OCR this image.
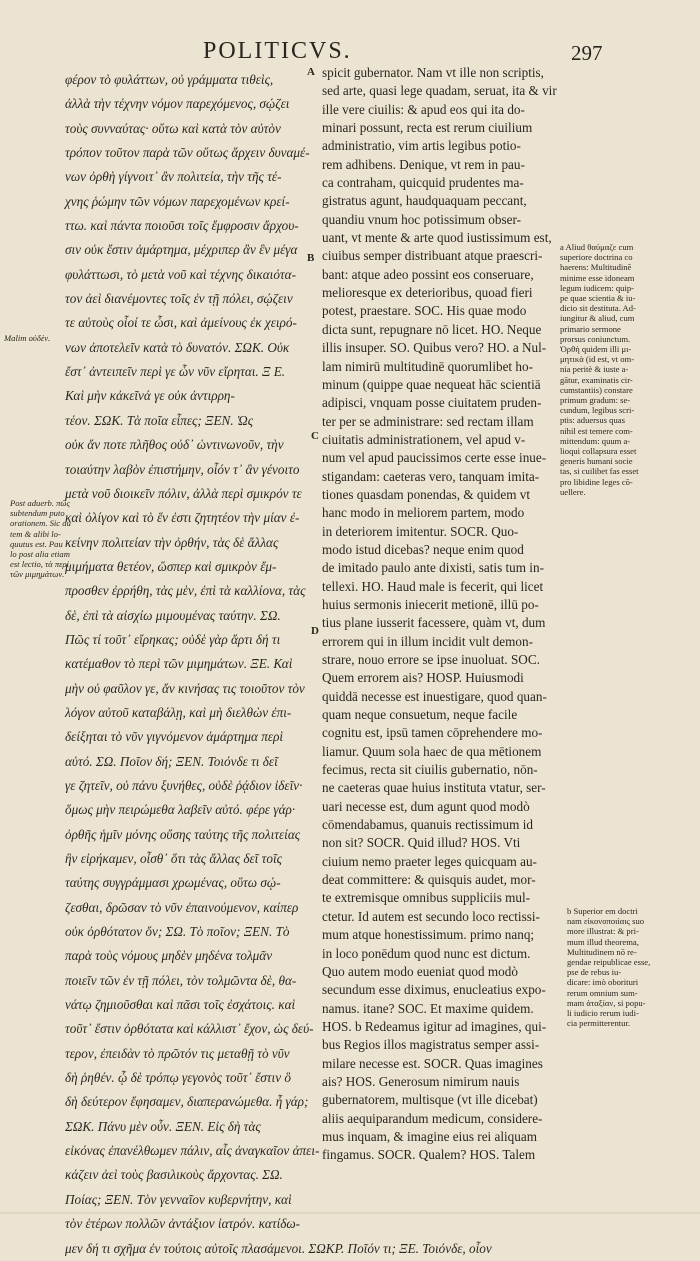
POLITICVS.	297
A
B
C
D
φέρον τὸ φυλάττων, οὐ γράμματα τιθεὶς,
ἀλλὰ τὴν τέχνην νόμον παρεχόμενος, σῴζει
τοὺς συνναύτας· οὕτω καὶ κατὰ τὸν αὐτὸν
τρόπον τοῦτον παρὰ τῶν οὕτως ἄρχειν δυναμέ-
νων ὀρθὴ γίγνοιτ᾽ ἂν πολιτεία, τὴν τῆς τέ-
χνης ῥώμην τῶν νόμων παρεχομένων κρεί-
ττω. καὶ πάντα ποιοῦσι τοῖς ἔμφροσιν ἄρχου-
σιν οὐκ ἔστιν ἁμάρτημα, μέχριπερ ἂν ἓν μέγα
φυλάττωσι, τὸ μετὰ νοῦ καὶ τέχνης δικαιότα-
τον ἀεὶ διανέμοντες τοῖς ἐν τῇ πόλει, σῴζειν
τε αὐτοὺς οἷοί τε ὦσι, καὶ ἀμείνους ἐκ χειρό-
νων ἀποτελεῖν κατὰ τὸ δυνατόν. ΣΩΚ. Οὐκ
ἔστ᾽ ἀντειπεῖν περὶ γε ὧν νῦν εἴρηται. Ξ Ε.
Καὶ μὴν κἀκεῖνά γε οὐκ ἀντιρρη-
τέον. ΣΩΚ. Τὰ ποῖα εἶπες; ΞΕΝ. Ὡς
οὐκ ἄν ποτε πλῆθος οὐδ᾽ ὡντινωνοῦν, τὴν
τοιαύτην λαβὸν ἐπιστήμην, οἷόν τ᾽ ἂν γένοιτο
μετὰ νοῦ διοικεῖν πόλιν, ἀλλὰ περὶ σμικρόν τε
καὶ ὀλίγον καὶ τὸ ἕν ἐστι ζητητέον τὴν μίαν ἐ-
κείνην πολιτείαν τὴν ὀρθήν, τὰς δὲ ἄλλας
μιμήματα θετέον, ὥσπερ καὶ σμικρὸν ἔμ-
προσθεν ἐρρήθη, τὰς μὲν, ἐπὶ τὰ καλλίονα, τὰς
δὲ, ἐπὶ τὰ αἰσχίω μιμουμένας ταύτην. ΣΩ.
Πῶς τί τοῦτ᾽ εἴρηκας; οὐδὲ γὰρ ἄρτι δή τι
κατέμαθον τὸ περὶ τῶν μιμημάτων. ΞΕ. Καὶ
μὴν οὐ φαῦλον γε, ἄν κινήσας τις τοιοῦτον τὸν
λόγον αὐτοῦ καταβάλῃ, καὶ μὴ διελθὼν ἐπι-
δείξηται τὸ νῦν γιγνόμενον ἁμάρτημα περὶ
αὐτό. ΣΩ. Ποῖον δή; ΞΕΝ. Τοιόνδε τι δεῖ
γε ζητεῖν, οὐ πάνυ ξυνήθες, οὐδὲ ῥᾴδιον ἰδεῖν·
ὅμως μὴν πειρώμεθα λαβεῖν αὐτό. φέρε γάρ·
ὀρθῆς ἡμῖν μόνης οὔσης ταύτης τῆς πολιτείας
ἣν εἰρήκαμεν, οἶσθ᾽ ὅτι τὰς ἄλλας δεῖ τοῖς
ταύτης συγγράμμασι χρωμένας, οὕτω σῴ-
ζεσθαι, δρῶσαν τὸ νῦν ἐπαινούμενον, καίπερ
οὐκ ὀρθότατον ὄν; ΣΩ. Τὸ ποῖον; ΞΕΝ. Τὸ
παρὰ τοὺς νόμους μηδὲν μηδένα τολμᾶν
ποιεῖν τῶν ἐν τῇ πόλει, τὸν τολμῶντα δὲ, θα-
νάτῳ ζημιοῦσθαι καὶ πᾶσι τοῖς ἐσχάτοις. καὶ
τοῦτ᾽ ἔστιν ὀρθότατα καὶ κάλλιστ᾽ ἔχον, ὡς δεύ-
τερον, ἐπειδὰν τὸ πρῶτόν τις μεταθῇ τὸ νῦν
δὴ ῥηθέν. ᾧ δὲ τρόπῳ γεγονὸς τοῦτ᾽ ἔστιν ὃ
δὴ δεύτερον ἔφησαμεν, διαπερανώμεθα. ἦ γάρ;
ΣΩΚ. Πάνυ μὲν οὖν. ΞΕΝ. Εἰς δὴ τὰς
εἰκόνας ἐπανέλθωμεν πάλιν, αἷς ἀναγκαῖον ἀπει-
κάζειν ἀεὶ τοὺς βασιλικοὺς ἄρχοντας. ΣΩ.
Ποίας; ΞΕΝ. Τὸν γενναῖον κυβερνήτην, καὶ
τὸν ἑτέρων πολλῶν ἀντάξιον ἰατρόν. κατίδω-
μεν δή τι σχῆμα ἐν τούτοις αὐτοῖς πλασάμενοι. ΣΩΚΡ. Ποῖόν τι; ΞΕ. Τοιόνδε, οἷον
spicit gubernator. Nam vt ille non scriptis,
sed arte, quasi lege quadam, seruat, ita & vir
ille vere ciuilis: & apud eos qui ita do-
minari possunt, recta est rerum ciuilium
administratio, vim artis legibus potio-
rem adhibens. Denique, vt rem in pau-
ca contraham, quicquid prudentes ma-
gistratus agunt, haudquaquam peccant,
quandiu vnum hoc potissimum obser-
uant, vt mente & arte quod iustissimum est,
ciuibus semper distribuant atque praescri-
bant: atque adeo possint eos conseruare,
melioresque ex deterioribus, quoad fieri
potest, praestare. SOC. His quae modo
dicta sunt, repugnare nō licet. HO. Neque
illis insuper. SO. Quibus vero? HO. a Nul-
lam nimirū multitudinē quorumlibet ho-
minum (quippe quae nequeat hāc scientiā
adipisci, vnquam posse ciuitatem pruden-
ter per se administrare: sed rectam illam
ciuitatis administrationem, vel apud v-
num vel apud paucissimos certe esse inue-
stigandam: caeteras vero, tanquam imita-
tiones quasdam ponendas, & quidem vt
hanc modo in meliorem partem, modo
in deteriorem imitentur. SOCR. Quo-
modo istud dicebas? neque enim quod
de imitado paulo ante dixisti, satis tum in-
tellexi. HO. Haud male is fecerit, qui licet
huius sermonis iniecerit metionē, illū po-
tius plane iusserit facessere, quàm vt, dum
errorem qui in illum incidit vult demon-
strare, nouo errore se ipse inuoluat. SOC.
Quem errorem ais? HOSP. Huiusmodi
quiddā necesse est inuestigare, quod quan-
quam neque consuetum, neque facile
cognitu est, ipsū tamen cōprehendere mo-
liamur. Quum sola haec de qua mētionem
fecimus, recta sit ciuilis gubernatio, nōn-
ne caeteras quae huius instituta vtatur, ser-
uari necesse est, dum agunt quod modò
cōmendabamus, quanuis rectissimum id
non sit? SOCR. Quid illud? HOS. Vti
ciuium nemo praeter leges quicquam au-
deat committere: & quisquis audet, mor-
te extremisque omnibus suppliciis mul-
ctetur. Id autem est secundo loco rectissi-
mum atque honestissimum. primo nanq;
in loco ponēdum quod nunc est dictum.
Quo autem modo eueniat quod modò
secundum esse diximus, enucleatius expo-
namus. itane? SOC. Et maxime quidem.
HOS. b Redeamus igitur ad imagines, qui-
bus Regios illos magistratus semper assi-
milare necesse est. SOCR. Quas imagines
ais? HOS. Generosum nimirum nauis
gubernatorem, multisque (vt ille dicebat)
aliis aequiparandum medicum, considere-
mus inquam, & imagine eius rei aliquam
fingamus. SOCR. Qualem? HOS. Talem
Malim οὐδὲν.
Post aduerb. πῶς
subtendum puto
orationem. Sic au
tem & alibi lo-
quutus est. Pau
lo post alia etiam
est lectio, τὰ περὶ
τῶν μιμημάτων.
a Aliud θαύμαζε cum
superiore doctrina co
haerens: Multitudinē
minime esse idoneam
legum iudicem: quip-
pe quae scientia & iu-
dicio sit destituta. Ad-
iungitur & aliud, cum
primario sermone
prorsus coniunctum.
Ὀρθὴ quidem illi μι-
μητικὰ (id est, vt om-
nia peritè & iuste a-
gātur, examinatis cir-
cumstantiis) constare
primum gradum: se-
cundum, legibus scri-
ptis: aduersus quas
nihil est temere com-
mittendum: quum a-
lioqui collapsura esset
generis humani socie
tas, si cuilibet fas esset
pro libidine leges cō-
uellere.
b Superior em doctri
nam εἰκονοποιίαις suo
more illustrat: & pri-
mum illud theorema,
Multitudinem nō re-
gendae reipublicae esse,
pse de rebus iu-
dicare: imò oborituri
rerum omnium sum-
mam ἀταξίαν, si popu-
li iudicio rerum iudi-
cia permitterentur.
